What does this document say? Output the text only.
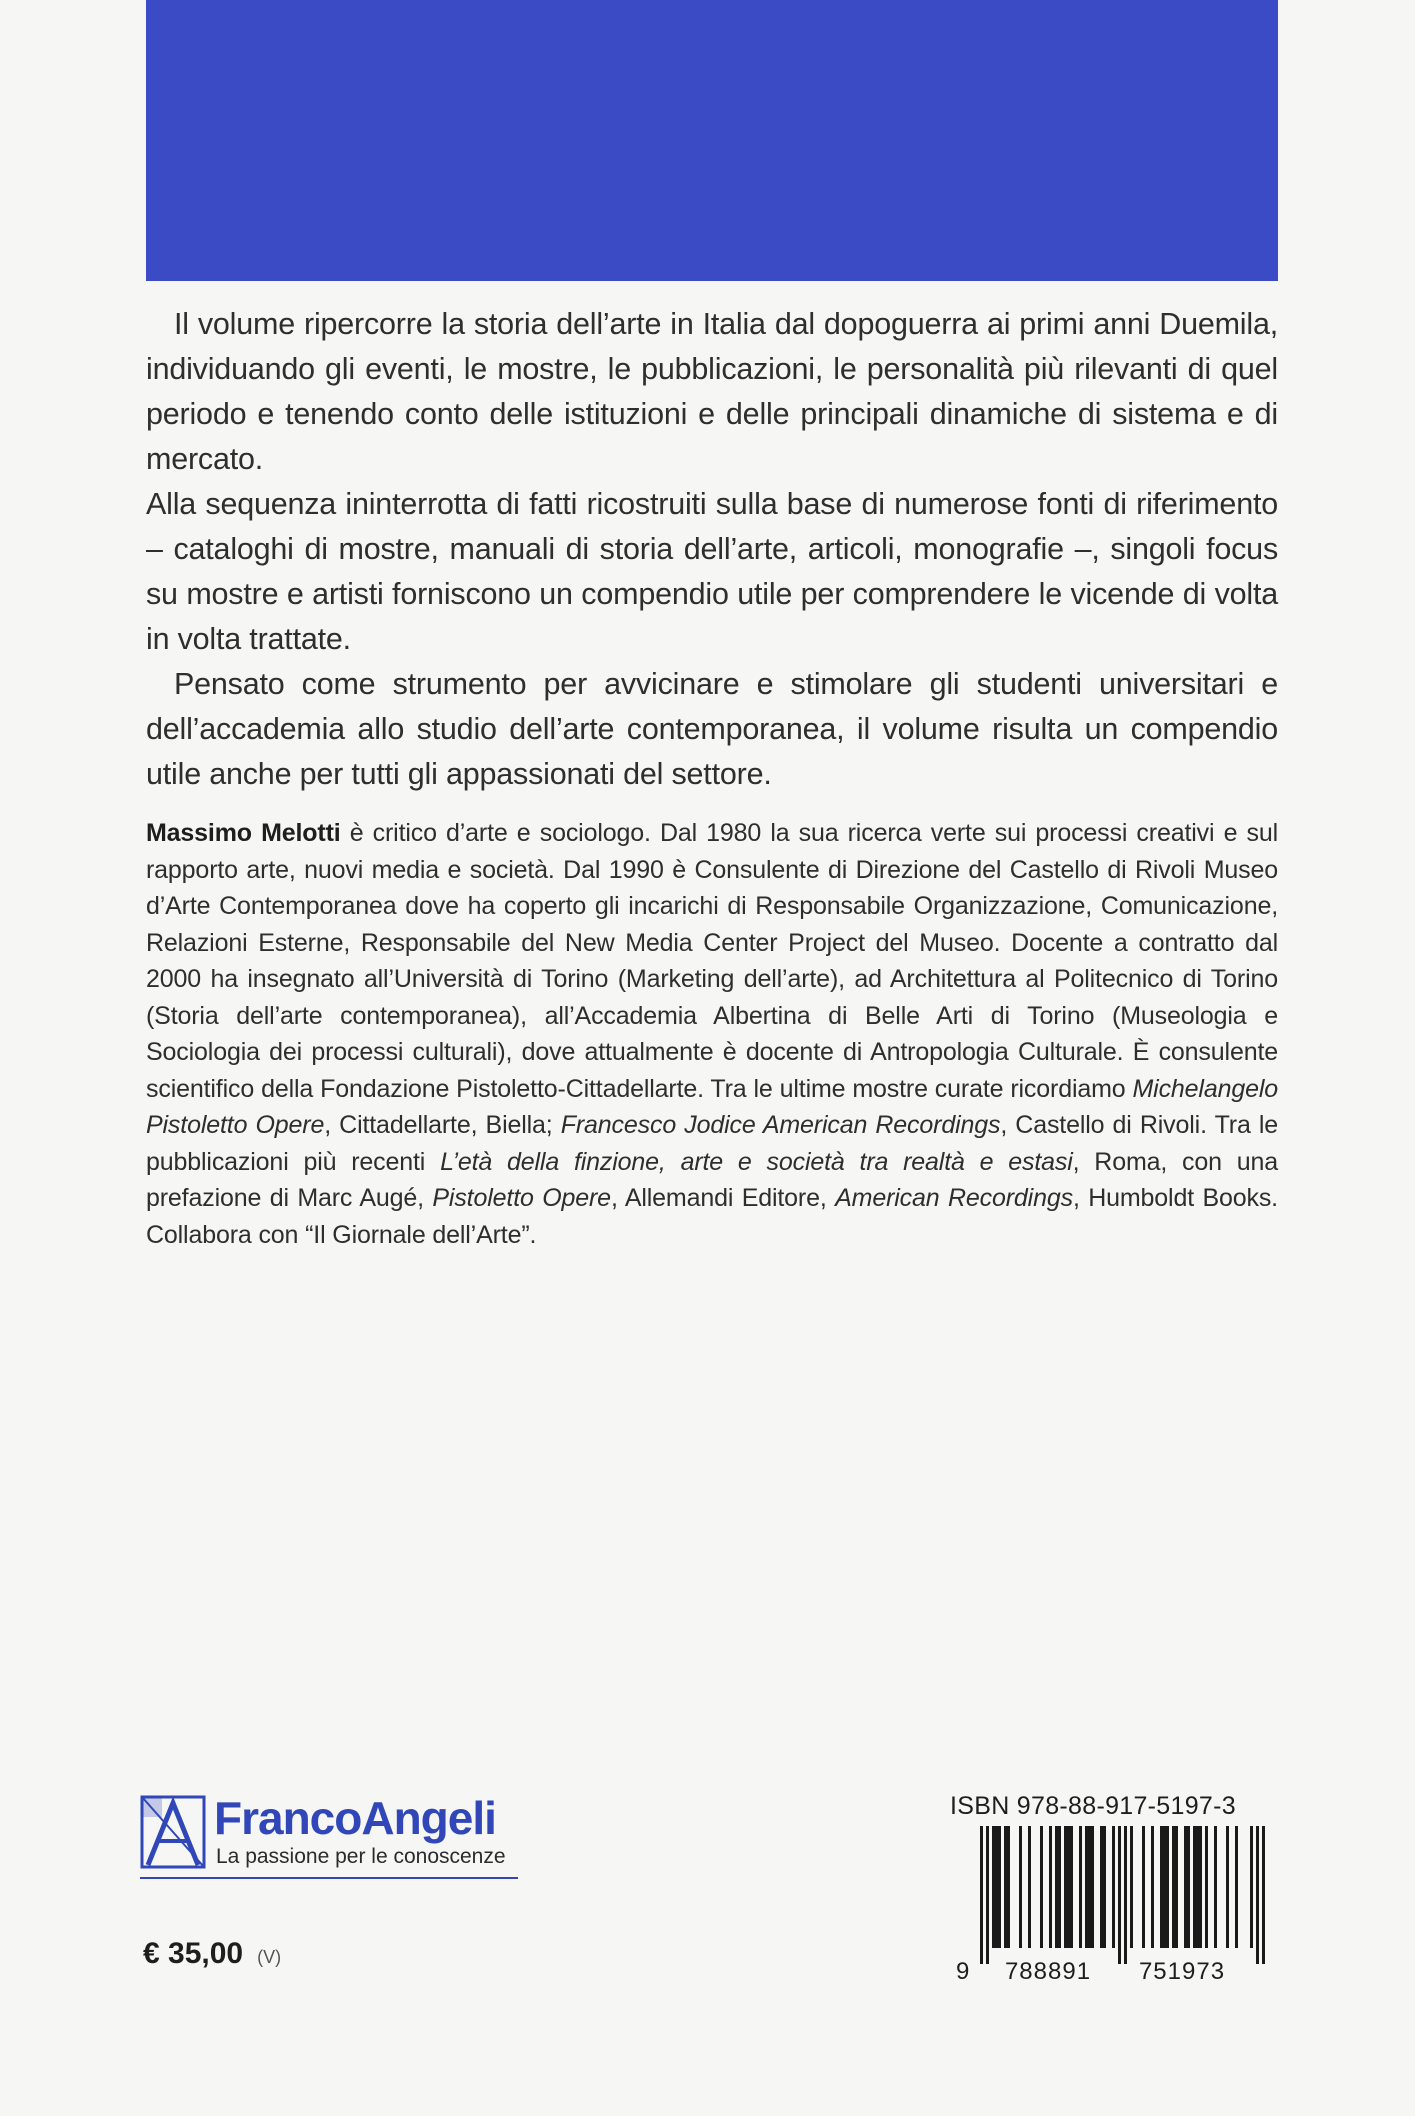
Il volume ripercorre la storia dell’arte in Italia dal dopoguerra ai primi anni Duemila, individuando gli eventi, le mostre, le pubblicazioni, le personalità più rilevanti di quel periodo e tenendo conto delle istituzioni e delle principali dinamiche di sistema e di mercato.

Alla sequenza ininterrotta di fatti ricostruiti sulla base di numerose fonti di riferimento – cataloghi di mostre, manuali di storia dell’arte, articoli, monografie –, singoli focus su mostre e artisti forniscono un compendio utile per comprendere le vicende di volta in volta trattate.

Pensato come strumento per avvicinare e stimolare gli studenti universitari e dell’accademia allo studio dell’arte contemporanea, il volume risulta un compendio utile anche per tutti gli appassionati del settore.

Massimo Melotti è critico d’arte e sociologo. Dal 1980 la sua ricerca verte sui processi creativi e sul rapporto arte, nuovi media e società. Dal 1990 è Consulente di Direzione del Castello di Rivoli Museo d’Arte Contemporanea dove ha coperto gli incarichi di Responsabile Organizzazione, Comunicazione, Relazioni Esterne, Responsabile del New Media Center Project del Museo. Docente a contratto dal 2000 ha insegnato all’Università di Torino (Marketing dell’arte), ad Architettura al Politecnico di Torino (Storia dell’arte contemporanea), all’Accademia Albertina di Belle Arti di Torino (Museologia e Sociologia dei processi culturali), dove attualmente è docente di Antropologia Culturale. È consulente scientifico della Fondazione Pistoletto-Cittadellarte. Tra le ultime mostre curate ricordiamo Michelangelo Pistoletto Opere, Cittadellarte, Biella; Francesco Jodice American Recordings, Castello di Rivoli. Tra le pubblicazioni più recenti L’età della finzione, arte e società tra realtà e estasi, Roma, con una prefazione di Marc Augé, Pistoletto Opere, Allemandi Editore, American Recordings, Humboldt Books. Collabora con “Il Giornale dell’Arte”.

FrancoAngeli
La passione per le conoscenze
€ 35,00 (V)
ISBN 978-88-917-5197-3
9 788891 751973
